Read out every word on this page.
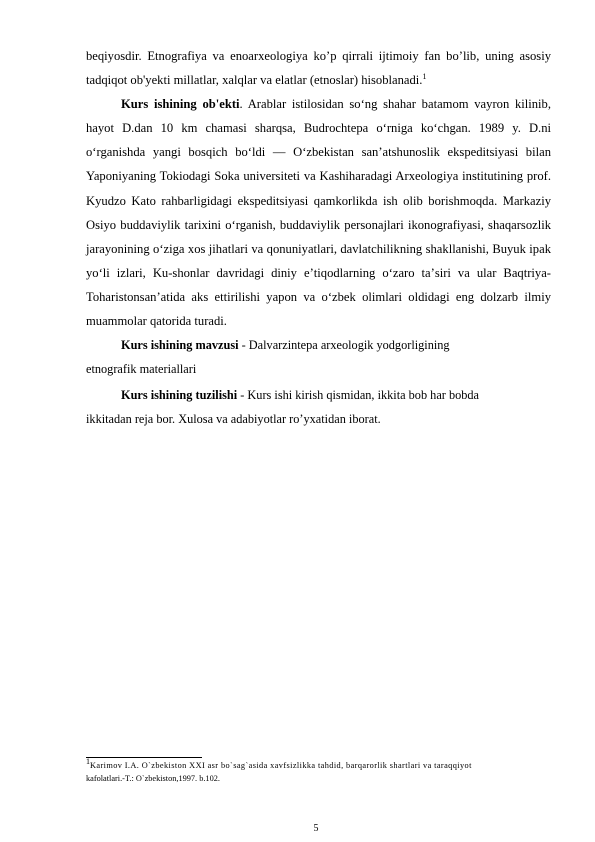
beqiyosdir. Etnografiya va enoarxeologiya ko’p qirrali ijtimoiy fan bo’lib, uning asosiy tadqiqot ob'yekti millatlar, xalqlar va elatlar (etnoslar) hisoblanadi.$^1$

Kurs ishining ob'ekti. Arablar istilosidan soʻng shahar batamom vayron kilinib, hayot D.dan 10 km chamasi sharqsa, Budrochtepa oʻrniga koʻchgan. 1989 y. D.ni oʻrganishda yangi bosqich boʻldi — Oʻzbekistan sanʼatshunoslik ekspeditsiyasi bilan Yaponiyaning Tokiodagi Soka universiteti va Kashiharadagi Arxeologiya institutining prof. Kyudzo Kato rahbarligidagi ekspeditsiyasi qamkorlikda ish olib borishmoqda. Markaziy Osiyo buddaviylik tarixini oʻrganish, buddaviylik personajlari ikonografiyasi, shaqarsozlik jarayonining oʻziga xos jihatlari va qonuniyatlari, davlatchilikning shakllanishi, Buyuk ipak yoʻli izlari, Ku-shonlar davridagi diniy eʼtiqodlarning oʻzaro taʼsiri va ular Baqtriya-Toharistonsanʼatida aks ettirilishi yapon va oʻzbek olimlari oldidagi eng dolzarb ilmiy muammolar qatorida turadi.

Kurs ishining mavzusi - Dalvarzintepa arxeologik yodgorligining

etnografik materiallari

Kurs ishining tuzilishi - Kurs ishi kirish qismidan, ikkita bob har bobda

ikkitadan reja bor. Xulosa va adabiyotlar ro’yxatidan iborat.

$^1$Karimov I.A. O`zbekiston XXI asr bo`sag`asida xavfsizlikka tahdid, barqarorlik shartlari va taraqqiyot

kafolatlari.-T.: O`zbekiston,1997. b.102.

5
